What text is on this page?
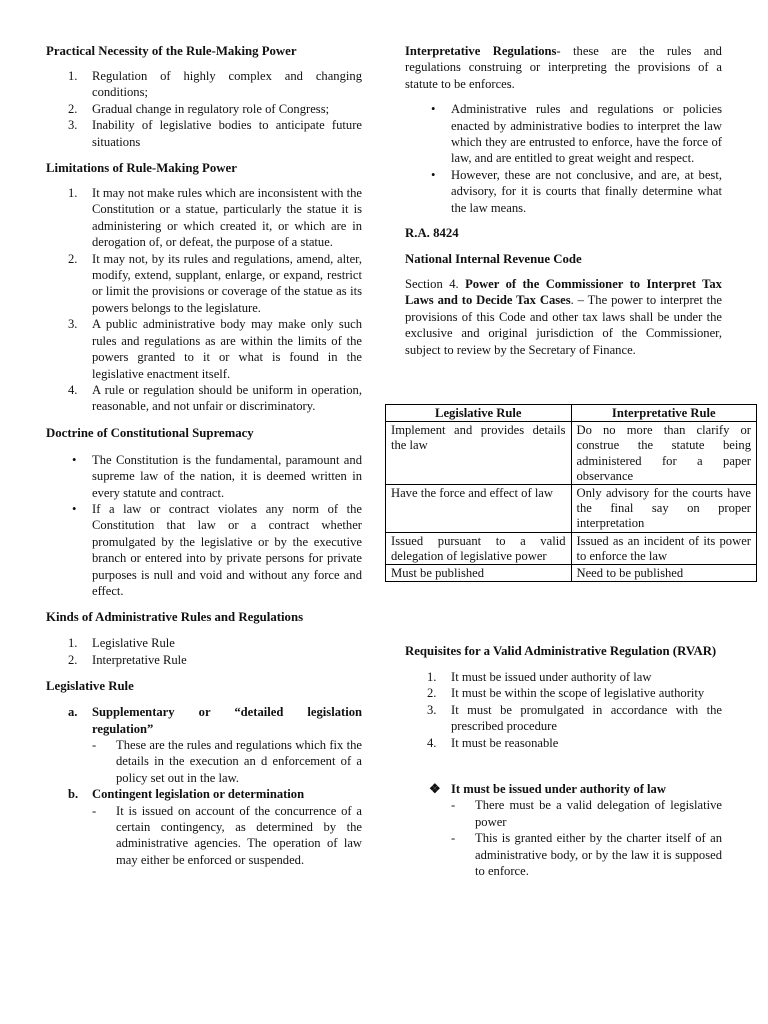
Practical Necessity of the Rule-Making Power
1. Regulation of highly complex and changing conditions;
2. Gradual change in regulatory role of Congress;
3. Inability of legislative bodies to anticipate future situations
Limitations of Rule-Making Power
1. It may not make rules which are inconsistent with the Constitution or a statue, particularly the statue it is administering or which created it, or which are in derogation of, or defeat, the purpose of a statue.
2. It may not, by its rules and regulations, amend, alter, modify, extend, supplant, enlarge, or expand, restrict or limit the provisions or coverage of the statue as its powers belongs to the legislature.
3. A public administrative body may make only such rules and regulations as are within the limits of the powers granted to it or what is found in the legislative enactment itself.
4. A rule or regulation should be uniform in operation, reasonable, and not unfair or discriminatory.
Doctrine of Constitutional Supremacy
• The Constitution is the fundamental, paramount and supreme law of the nation, it is deemed written in every statute and contract.
• If a law or contract violates any norm of the Constitution that law or a contract whether promulgated by the legislative or by the executive branch or entered into by private persons for private purposes is null and void and without any force and effect.
Kinds of Administrative Rules and Regulations
1. Legislative Rule
2. Interpretative Rule
Legislative Rule
a. Supplementary or “detailed legislation regulation”
- These are the rules and regulations which fix the details in the execution an d enforcement of a policy set out in the law.
b. Contingent legislation or determination
- It is issued on account of the concurrence of a certain contingency, as determined by the administrative agencies. The operation of law may either be enforced or suspended.

Interpretative Regulations- these are the rules and regulations construing or interpreting the provisions of a statute to be enforces.

• Administrative rules and regulations or policies enacted by administrative bodies to interpret the law which they are entrusted to enforce, have the force of law, and are entitled to great weight and respect.
• However, these are not conclusive, and are, at best, advisory, for it is courts that finally determine what the law means.
R.A. 8424
National Internal Revenue Code

Section 4. Power of the Commissioner to Interpret Tax Laws and to Decide Tax Cases. – The power to interpret the provisions of this Code and other tax laws shall be under the exclusive and original jurisdiction of the Commissioner, subject to review by the Secretary of Finance.

Legislative Rule	Interpretative Rule
Implement and provides details the law	Do no more than clarify or construe the statute being administered for a paper observance
Have the force and effect of law	Only advisory for the courts have the final say on proper interpretation
Issued pursuant to a valid delegation of legislative power	Issued as an incident of its power to enforce the law
Must be published	Need to be published
Requisites for a Valid Administrative Regulation (RVAR)
1. It must be issued under authority of law
2. It must be within the scope of legislative authority
3. It must be promulgated in accordance with the prescribed procedure
4. It must be reasonable
❖ It must be issued under authority of law
- There must be a valid delegation of legislative power
- This is granted either by the charter itself of an administrative body, or by the law it is supposed to enforce.
